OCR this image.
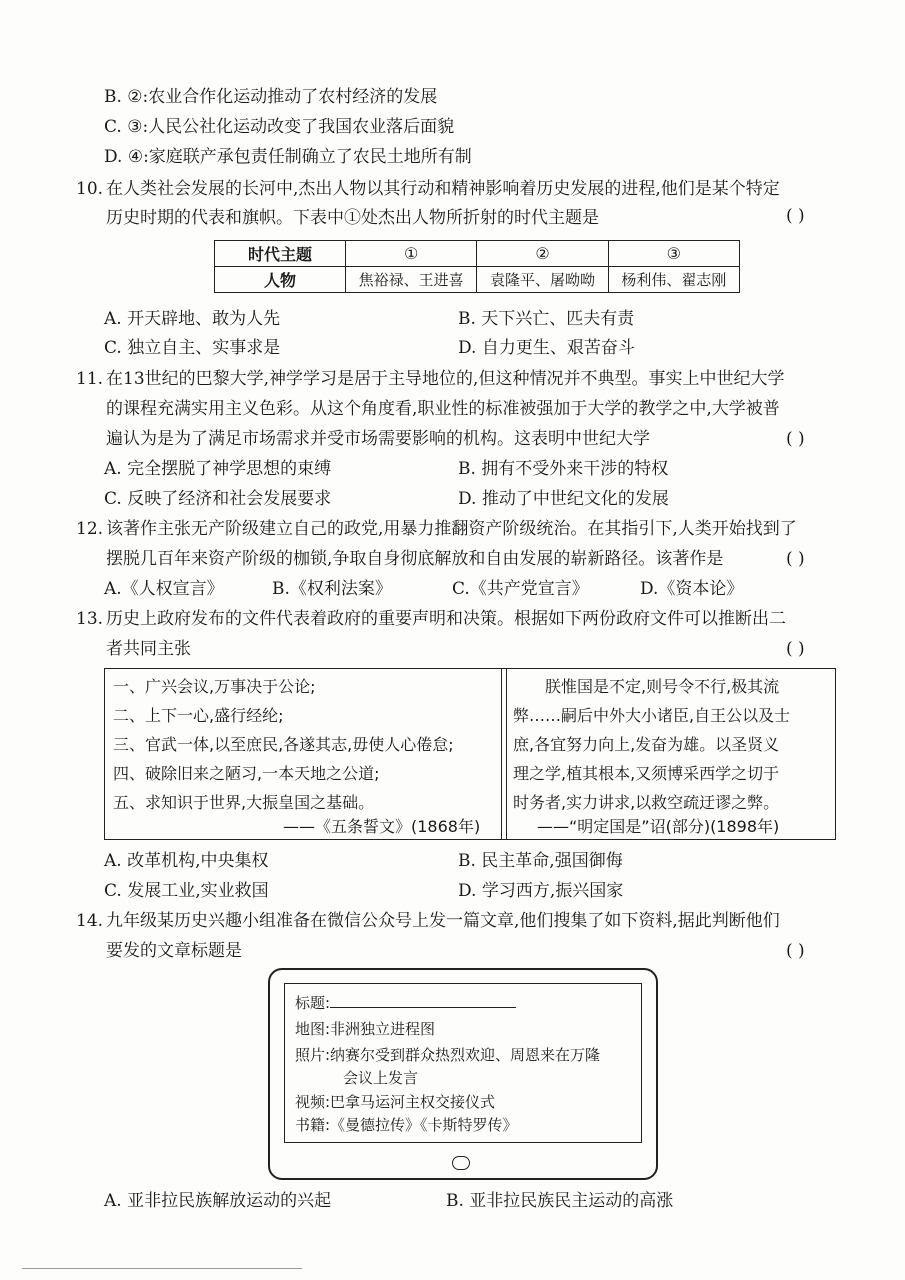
B. ②:农业合作化运动推动了农村经济的发展
C. ③:人民公社化运动改变了我国农业落后面貌
D. ④:家庭联产承包责任制确立了农民土地所有制
10. 在人类社会发展的长河中,杰出人物以其行动和精神影响着历史发展的进程,他们是某个特定
历史时期的代表和旗帜。下表中①处杰出人物所折射的时代主题是	( )
时代主题	①	②	③
人物	焦裕禄、王进喜	袁隆平、屠呦呦	杨利伟、翟志刚
A. 开天辟地、敢为人先	B. 天下兴亡、匹夫有责
C. 独立自主、实事求是	D. 自力更生、艰苦奋斗
11. 在13世纪的巴黎大学,神学学习是居于主导地位的,但这种情况并不典型。事实上中世纪大学
的课程充满实用主义色彩。从这个角度看,职业性的标准被强加于大学的教学之中,大学被普
遍认为是为了满足市场需求并受市场需要影响的机构。这表明中世纪大学	( )
A. 完全摆脱了神学思想的束缚	B. 拥有不受外来干涉的特权
C. 反映了经济和社会发展要求	D. 推动了中世纪文化的发展
12. 该著作主张无产阶级建立自己的政党,用暴力推翻资产阶级统治。在其指引下,人类开始找到了
摆脱几百年来资产阶级的枷锁,争取自身彻底解放和自由发展的崭新路径。该著作是	( )
A.《人权宣言》	B.《权利法案》	C.《共产党宣言》	D.《资本论》
13. 历史上政府发布的文件代表着政府的重要声明和决策。根据如下两份政府文件可以推断出二
者共同主张	( )
一、广兴会议,万事决于公论;
二、上下一心,盛行经纶;
三、官武一体,以至庶民,各遂其志,毋使人心倦怠;
四、破除旧来之陋习,一本天地之公道;
五、求知识于世界,大振皇国之基础。
——《五条誓文》(1868年)
朕惟国是不定,则号令不行,极其流
弊……嗣后中外大小诸臣,自王公以及士
庶,各宜努力向上,发奋为雄。以圣贤义
理之学,植其根本,又须博采西学之切于
时务者,实力讲求,以救空疏迂谬之弊。
——“明定国是”诏(部分)(1898年)
A. 改革机构,中央集权	B. 民主革命,强国御侮
C. 发展工业,实业救国	D. 学习西方,振兴国家
14. 九年级某历史兴趣小组准备在微信公众号上发一篇文章,他们搜集了如下资料,据此判断他们
要发的文章标题是	( )
标题:
地图:非洲独立进程图
照片:纳赛尔受到群众热烈欢迎、周恩来在万隆
会议上发言
视频:巴拿马运河主权交接仪式
书籍:《曼德拉传》《卡斯特罗传》
A. 亚非拉民族解放运动的兴起	B. 亚非拉民族民主运动的高涨
